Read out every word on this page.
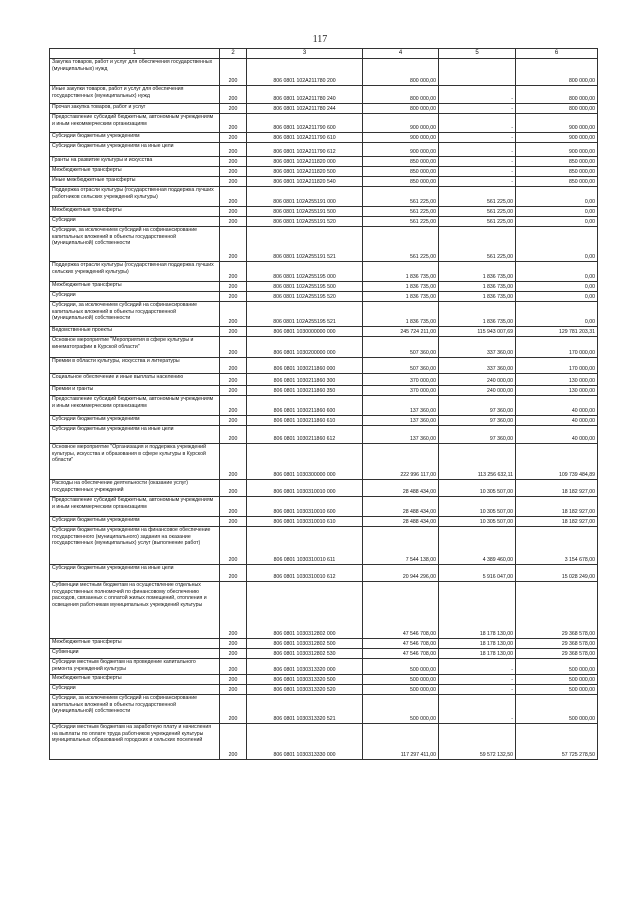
117
1	2	3	4	5	6
Закупка товаров, работ и услуг для обеспечения государственных (муниципальных) нужд	200	806 0801 102А211780 200	800 000,00		800 000,00
Иные закупки товаров, работ и услуг для обеспечения государственных (муниципальных) нужд	200	806 0801 102А211780 240	800 000,00	-	800 000,00
Прочая закупка товаров, работ и услуг	200	806 0801 102А211780 244	800 000,00	-	800 000,00
Предоставление субсидий бюджетным, автономным учреждениям и иным некоммерческим организациям	200	806 0801 102А211790 600	900 000,00	-	900 000,00
Субсидии бюджетным учреждениям	200	806 0801 102А211790 610	900 000,00	-	900 000,00
Субсидии бюджетным учреждениям на иные цели	200	806 0801 102А211790 612	900 000,00	-	900 000,00
Гранты на развитие культуры и искусства	200	806 0801 102А211820 000	850 000,00	-	850 000,00
Межбюджетные трансферты	200	806 0801 102А211820 500	850 000,00	-	850 000,00
Иные межбюджетные трансферты	200	806 0801 102А211820 540	850 000,00	-	850 000,00
Поддержка отрасли культуры (государственная поддержка лучших работников сельских учреждений культуры)	200	806 0801 102А255191 000	561 225,00	561 225,00	0,00
Межбюджетные трансферты	200	806 0801 102А255191 500	561 225,00	561 225,00	0,00
Субсидии	200	806 0801 102А255191 520	561 225,00	561 225,00	0,00
Субсидии, за исключением субсидий на софинансирование капитальных вложений в объекты государственной (муниципальной) собственности	200	806 0801 102А255191 521	561 225,00	561 225,00	0,00
Поддержка отрасли культуры (государственная поддержка лучших сельских учреждений культуры)	200	806 0801 102А255195 000	1 836 735,00	1 836 735,00	0,00
Межбюджетные трансферты	200	806 0801 102А255195 500	1 836 735,00	1 836 735,00	0,00
Субсидии	200	806 0801 102А255195 520	1 836 735,00	1 836 735,00	0,00
Субсидии, за исключением субсидий на софинансирование капитальных вложений в объекты государственной (муниципальной) собственности	200	806 0801 102А255195 521	1 836 735,00	1 836 735,00	0,00
Ведомственные проекты	200	806 0801 1030000000 000	245 724 211,00	115 943 007,69	129 781 203,31
Основное мероприятие "Мероприятия в сфере культуры и кинематографии в Курской области"	200	806 0801 1030200000 000	507 360,00	337 360,00	170 000,00
Премии в области культуры, искусства и литературы	200	806 0801 1030211860 000	507 360,00	337 360,00	170 000,00
Социальное обеспечение и иные выплаты населению	200	806 0801 1030211860 300	370 000,00	240 000,00	130 000,00
Премии и гранты	200	806 0801 1030211860 350	370 000,00	240 000,00	130 000,00
Предоставление субсидий бюджетным, автономным учреждениям и иным некоммерческим организациям	200	806 0801 1030211860 600	137 360,00	97 360,00	40 000,00
Субсидии бюджетным учреждениям	200	806 0801 1030211860 610	137 360,00	97 360,00	40 000,00
Субсидии бюджетным учреждениям на иные цели	200	806 0801 1030211860 612	137 360,00	97 360,00	40 000,00
Основное мероприятие "Организация и поддержка учреждений культуры, искусства и образования в сфере культуры в Курской области"	200	806 0801 1030300000 000	222 996 117,00	113 256 632,11	109 739 484,89
Расходы на обеспечение деятельности (оказание услуг) государственных учреждений	200	806 0801 1030310010 000	28 488 434,00	10 305 507,00	18 182 927,00
Предоставление субсидий бюджетным, автономным учреждениям и иным некоммерческим организациям	200	806 0801 1030310010 600	28 488 434,00	10 305 507,00	18 182 927,00
Субсидии бюджетным учреждениям	200	806 0801 1030310010 610	28 488 434,00	10 305 507,00	18 182 927,00
Субсидии бюджетным учреждениям на финансовое обеспечение государственного (муниципального) задания на оказание государственных (муниципальных) услуг (выполнение работ)	200	806 0801 1030310010 611	7 544 138,00	4 389 460,00	3 154 678,00
Субсидии бюджетным учреждениям на иные цели	200	806 0801 1030310010 612	20 944 296,00	5 916 047,00	15 028 249,00
Субвенции местным бюджетам на осуществление отдельных государственных полномочий по финансовому обеспечению расходов, связанных с оплатой жилых помещений, отопления и освещения работникам муниципальных учреждений культуры	200	806 0801 1030312802 000	47 546 708,00	18 178 130,00	29 368 578,00
Межбюджетные трансферты	200	806 0801 1030312802 500	47 546 708,00	18 178 130,00	29 368 578,00
Субвенции	200	806 0801 1030312802 530	47 546 708,00	18 178 130,00	29 368 578,00
Субсидии местным бюджетам на проведение капитального ремонта учреждений культуры	200	806 0801 1030313320 000	500 000,00	-	500 000,00
Межбюджетные трансферты	200	806 0801 1030313320 500	500 000,00	-	500 000,00
Субсидии	200	806 0801 1030313320 520	500 000,00	-	500 000,00
Субсидии, за исключением субсидий на софинансирование капитальных вложений в объекты государственной (муниципальной) собственности	200	806 0801 1030313320 521	500 000,00	-	500 000,00
Субсидии местным бюджетам на заработную плату и начисления на выплаты по оплате труда работников учреждений культуры муниципальных образований городских и сельских поселений	200	806 0801 1030313330 000	117 297 411,00	59 572 132,50	57 725 278,50
